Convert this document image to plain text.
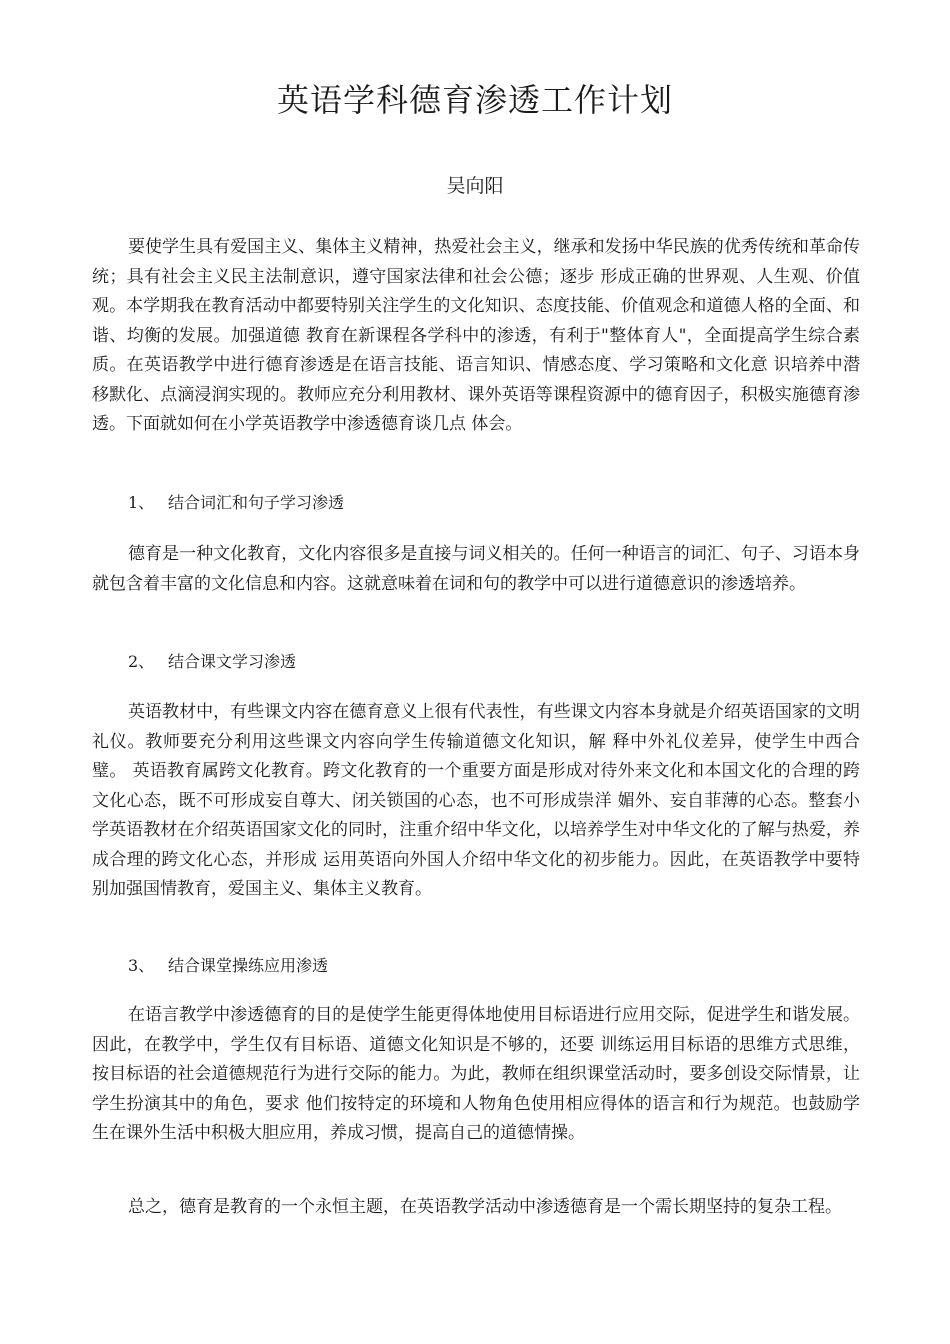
英语学科德育渗透工作计划
吴向阳

要使学生具有爱国主义、集体主义精神，热爱社会主义，继承和发扬中华民族的优秀传统和革命传统；具有社会主义民主法制意识，遵守国家法律和社会公德；逐步 形成正确的世界观、人生观、价值观。本学期我在教育活动中都要特别关注学生的文化知识、态度技能、价值观念和道德人格的全面、和谐、均衡的发展。加强道德 教育在新课程各学科中的渗透，有利于"整体育人"，全面提高学生综合素质。在英语教学中进行德育渗透是在语言技能、语言知识、情感态度、学习策略和文化意 识培养中潜移默化、点滴浸润实现的。教师应充分利用教材、课外英语等课程资源中的德育因子，积极实施德育渗透。下面就如何在小学英语教学中渗透德育谈几点 体会。

1、 结合词汇和句子学习渗透

德育是一种文化教育，文化内容很多是直接与词义相关的。任何一种语言的词汇、句子、习语本身就包含着丰富的文化信息和内容。这就意味着在词和句的教学中可以进行道德意识的渗透培养。

2、 结合课文学习渗透

英语教材中，有些课文内容在德育意义上很有代表性，有些课文内容本身就是介绍英语国家的文明礼仪。教师要充分利用这些课文内容向学生传输道德文化知识，解 释中外礼仪差异，使学生中西合璧。 英语教育属跨文化教育。跨文化教育的一个重要方面是形成对待外来文化和本国文化的合理的跨文化心态，既不可形成妄自尊大、闭关锁国的心态，也不可形成崇洋 媚外、妄自菲薄的心态。整套小学英语教材在介绍英语国家文化的同时，注重介绍中华文化，以培养学生对中华文化的了解与热爱，养成合理的跨文化心态，并形成 运用英语向外国人介绍中华文化的初步能力。因此，在英语教学中要特别加强国情教育，爱国主义、集体主义教育。

3、 结合课堂操练应用渗透

在语言教学中渗透德育的目的是使学生能更得体地使用目标语进行应用交际，促进学生和谐发展。因此，在教学中，学生仅有目标语、道德文化知识是不够的，还要 训练运用目标语的思维方式思维，按目标语的社会道德规范行为进行交际的能力。为此，教师在组织课堂活动时，要多创设交际情景，让学生扮演其中的角色，要求 他们按特定的环境和人物角色使用相应得体的语言和行为规范。也鼓励学生在课外生活中积极大胆应用，养成习惯，提高自己的道德情操。

总之，德育是教育的一个永恒主题，在英语教学活动中渗透德育是一个需长期坚持的复杂工程。
